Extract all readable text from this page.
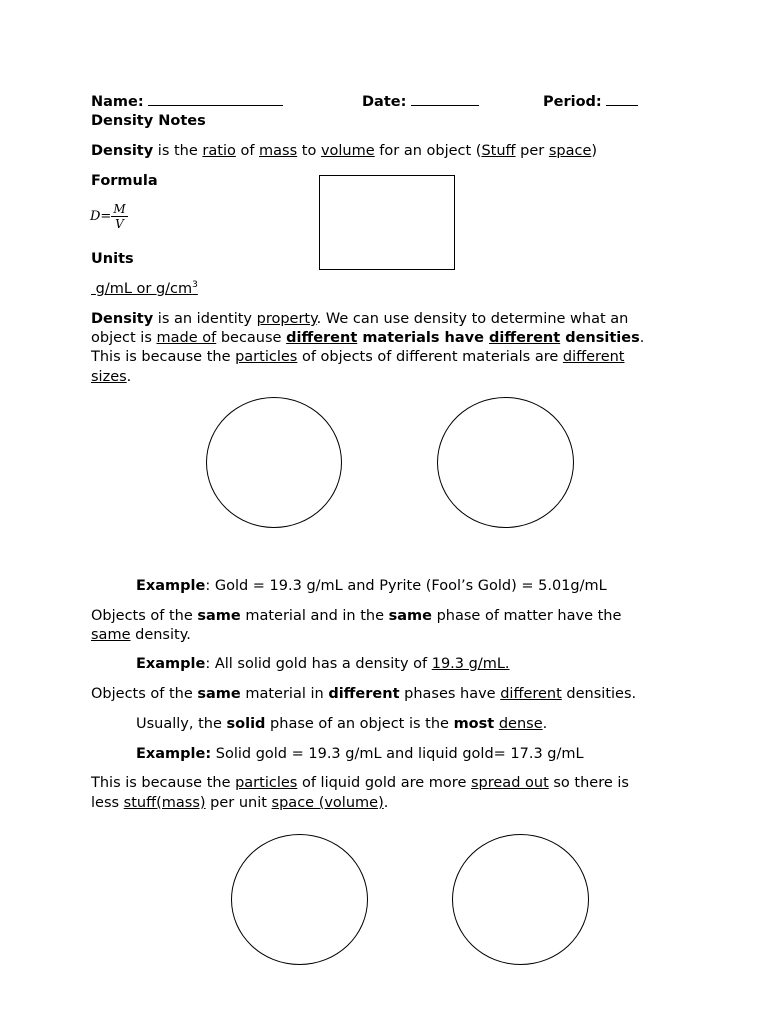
Name:	Date:	Period:
Density Notes
Density is the ratio of mass to volume for an object (Stuff per space)
Formula
$D= \frac{M}{V}$
Units
g/mL or $g/cm^3$
Density is an identity property. We can use density to determine what an
object is made of because different materials have different densities.
This is because the particles of objects of different materials are different
sizes.
Example: Gold = 19.3 g/mL and Pyrite (Fool’s Gold) = 5.01g/mL
Objects of the same material and in the same phase of matter have the
same density.
Example: All solid gold has a density of 19.3 g/mL.
Objects of the same material in different phases have different densities.
Usually, the solid phase of an object is the most dense.
Example: Solid gold = 19.3 g/mL and liquid gold= 17.3 g/mL
This is because the particles of liquid gold are more spread out so there is
less stuff(mass) per unit space (volume).
